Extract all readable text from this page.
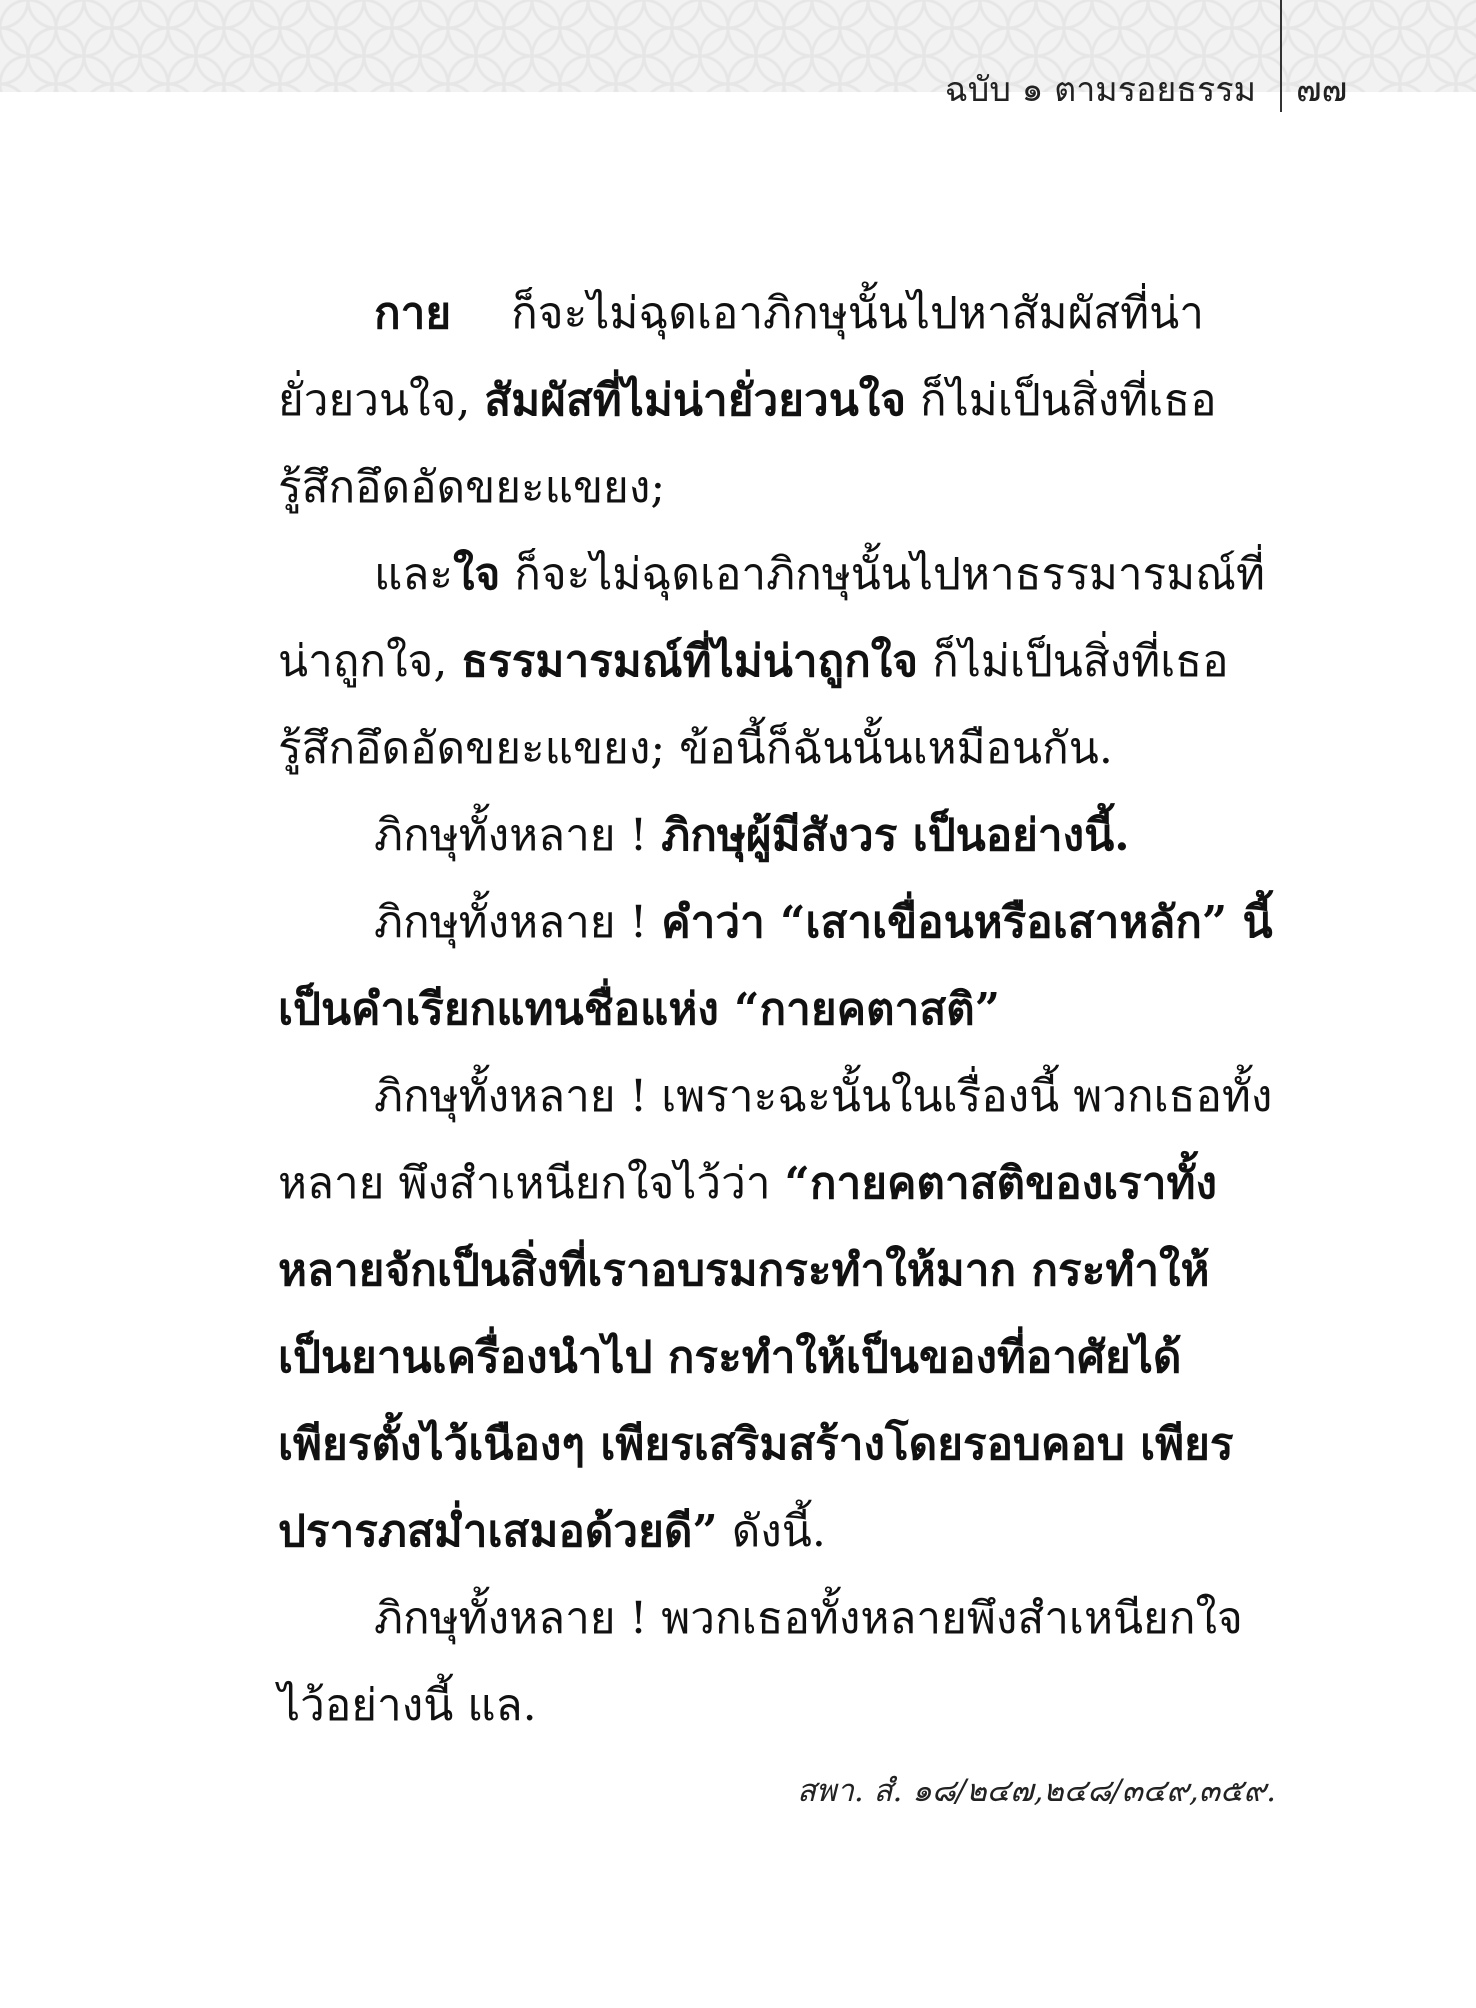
ฉบับ ๑ ตามรอยธรรม ๗๗

กาย ก็จะไม่ฉุดเอาภิกษุนั้นไปหาสัมผัสที่น่ายั่วยวนใจ, สัมผัสที่ไม่น่ายั่วยวนใจ ก็ไม่เป็นสิ่งที่เธอรู้สึกอึดอัดขยะแขยง;

และใจ ก็จะไม่ฉุดเอาภิกษุนั้นไปหาธรรมารมณ์ที่น่าถูกใจ, ธรรมารมณ์ที่ไม่น่าถูกใจ ก็ไม่เป็นสิ่งที่เธอรู้สึกอึดอัดขยะแขยง; ข้อนี้ก็ฉันนั้นเหมือนกัน.

ภิกษุทั้งหลาย ! ภิกษุผู้มีสังวร เป็นอย่างนี้.

ภิกษุทั้งหลาย ! คำว่า “เสาเขื่อนหรือเสาหลัก” นี้เป็นคำเรียกแทนชื่อแห่ง “กายคตาสติ”

ภิกษุทั้งหลาย ! เพราะฉะนั้นในเรื่องนี้ พวกเธอทั้งหลาย พึงสำเหนียกใจไว้ว่า “กายคตาสติของเราทั้งหลายจักเป็นสิ่งที่เราอบรมกระทำให้มาก กระทำให้เป็นยานเครื่องนำไป กระทำให้เป็นของที่อาศัยได้ เพียรตั้งไว้เนืองๆ เพียรเสริมสร้างโดยรอบคอบ เพียรปรารภสม่ำเสมอด้วยดี” ดังนี้.

ภิกษุทั้งหลาย ! พวกเธอทั้งหลายพึงสำเหนียกใจไว้อย่างนี้ แล.

สพา. สํ. ๑๘/๒๔๗,๒๔๘/๓๔๙,๓๕๙.
